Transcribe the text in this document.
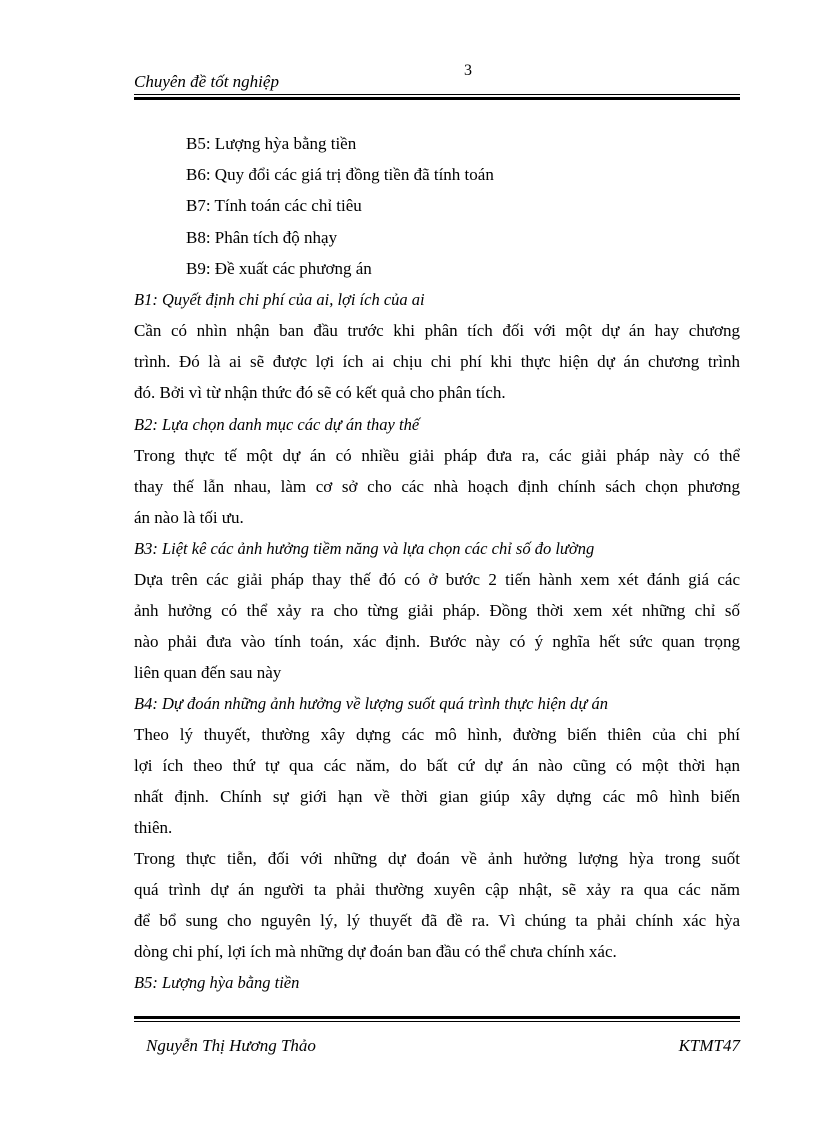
Chuyên đề tốt nghiệp
3
B5: Lượng hỳa bằng tiền
B6: Quy đổi các giá trị đồng tiền đã tính toán
B7: Tính toán các chỉ tiêu
B8: Phân tích độ nhạy
B9: Đề xuất các phương án
B1: Quyết định chi phí của ai, lợi ích của ai
Cần có nhìn nhận ban đầu trước khi phân tích đối với một dự án hay chương
trình. Đó là ai sẽ được lợi ích ai chịu chi phí khi thực hiện dự án chương trình
đó. Bởi vì từ nhận thức đó sẽ có kết quả cho phân tích.
B2: Lựa chọn danh mục các dự án thay thế
Trong thực tế một dự án có nhiều giải pháp đưa ra, các giải pháp này có thể
thay thế lẫn nhau, làm cơ sở cho các nhà hoạch định chính sách chọn phương
án nào là tối ưu.
B3: Liệt kê các ảnh hưởng tiềm năng và lựa chọn các chỉ số đo lường
Dựa trên các giải pháp thay thế đó có ở bước 2 tiến hành xem xét đánh giá các
ảnh hưởng có thể xảy ra cho từng giải pháp. Đồng thời xem xét những chỉ số
nào phải đưa vào tính toán, xác định. Bước này có ý nghĩa hết sức quan trọng
liên quan đến sau này
B4: Dự đoán những ảnh hưởng về lượng suốt quá trình thực hiện dự án
Theo lý thuyết, thường xây dựng các mô hình, đường biến thiên của chi phí
lợi ích theo thứ tự qua các năm, do bất cứ dự án nào cũng có một thời hạn
nhất định. Chính sự giới hạn về thời gian giúp xây dựng các mô hình biến
thiên.
Trong thực tiễn, đối với những dự đoán về ảnh hưởng lượng hỳa trong suốt
quá trình dự án người ta phải thường xuyên cập nhật, sẽ xảy ra qua các năm
để bổ sung cho nguyên lý, lý thuyết đã đề ra. Vì chúng ta phải chính xác hỳa
dòng chi phí, lợi ích mà những dự đoán ban đầu có thể chưa chính xác.
B5: Lượng hỳa bằng tiền
Nguyễn Thị Hương Thảo	KTMT47
